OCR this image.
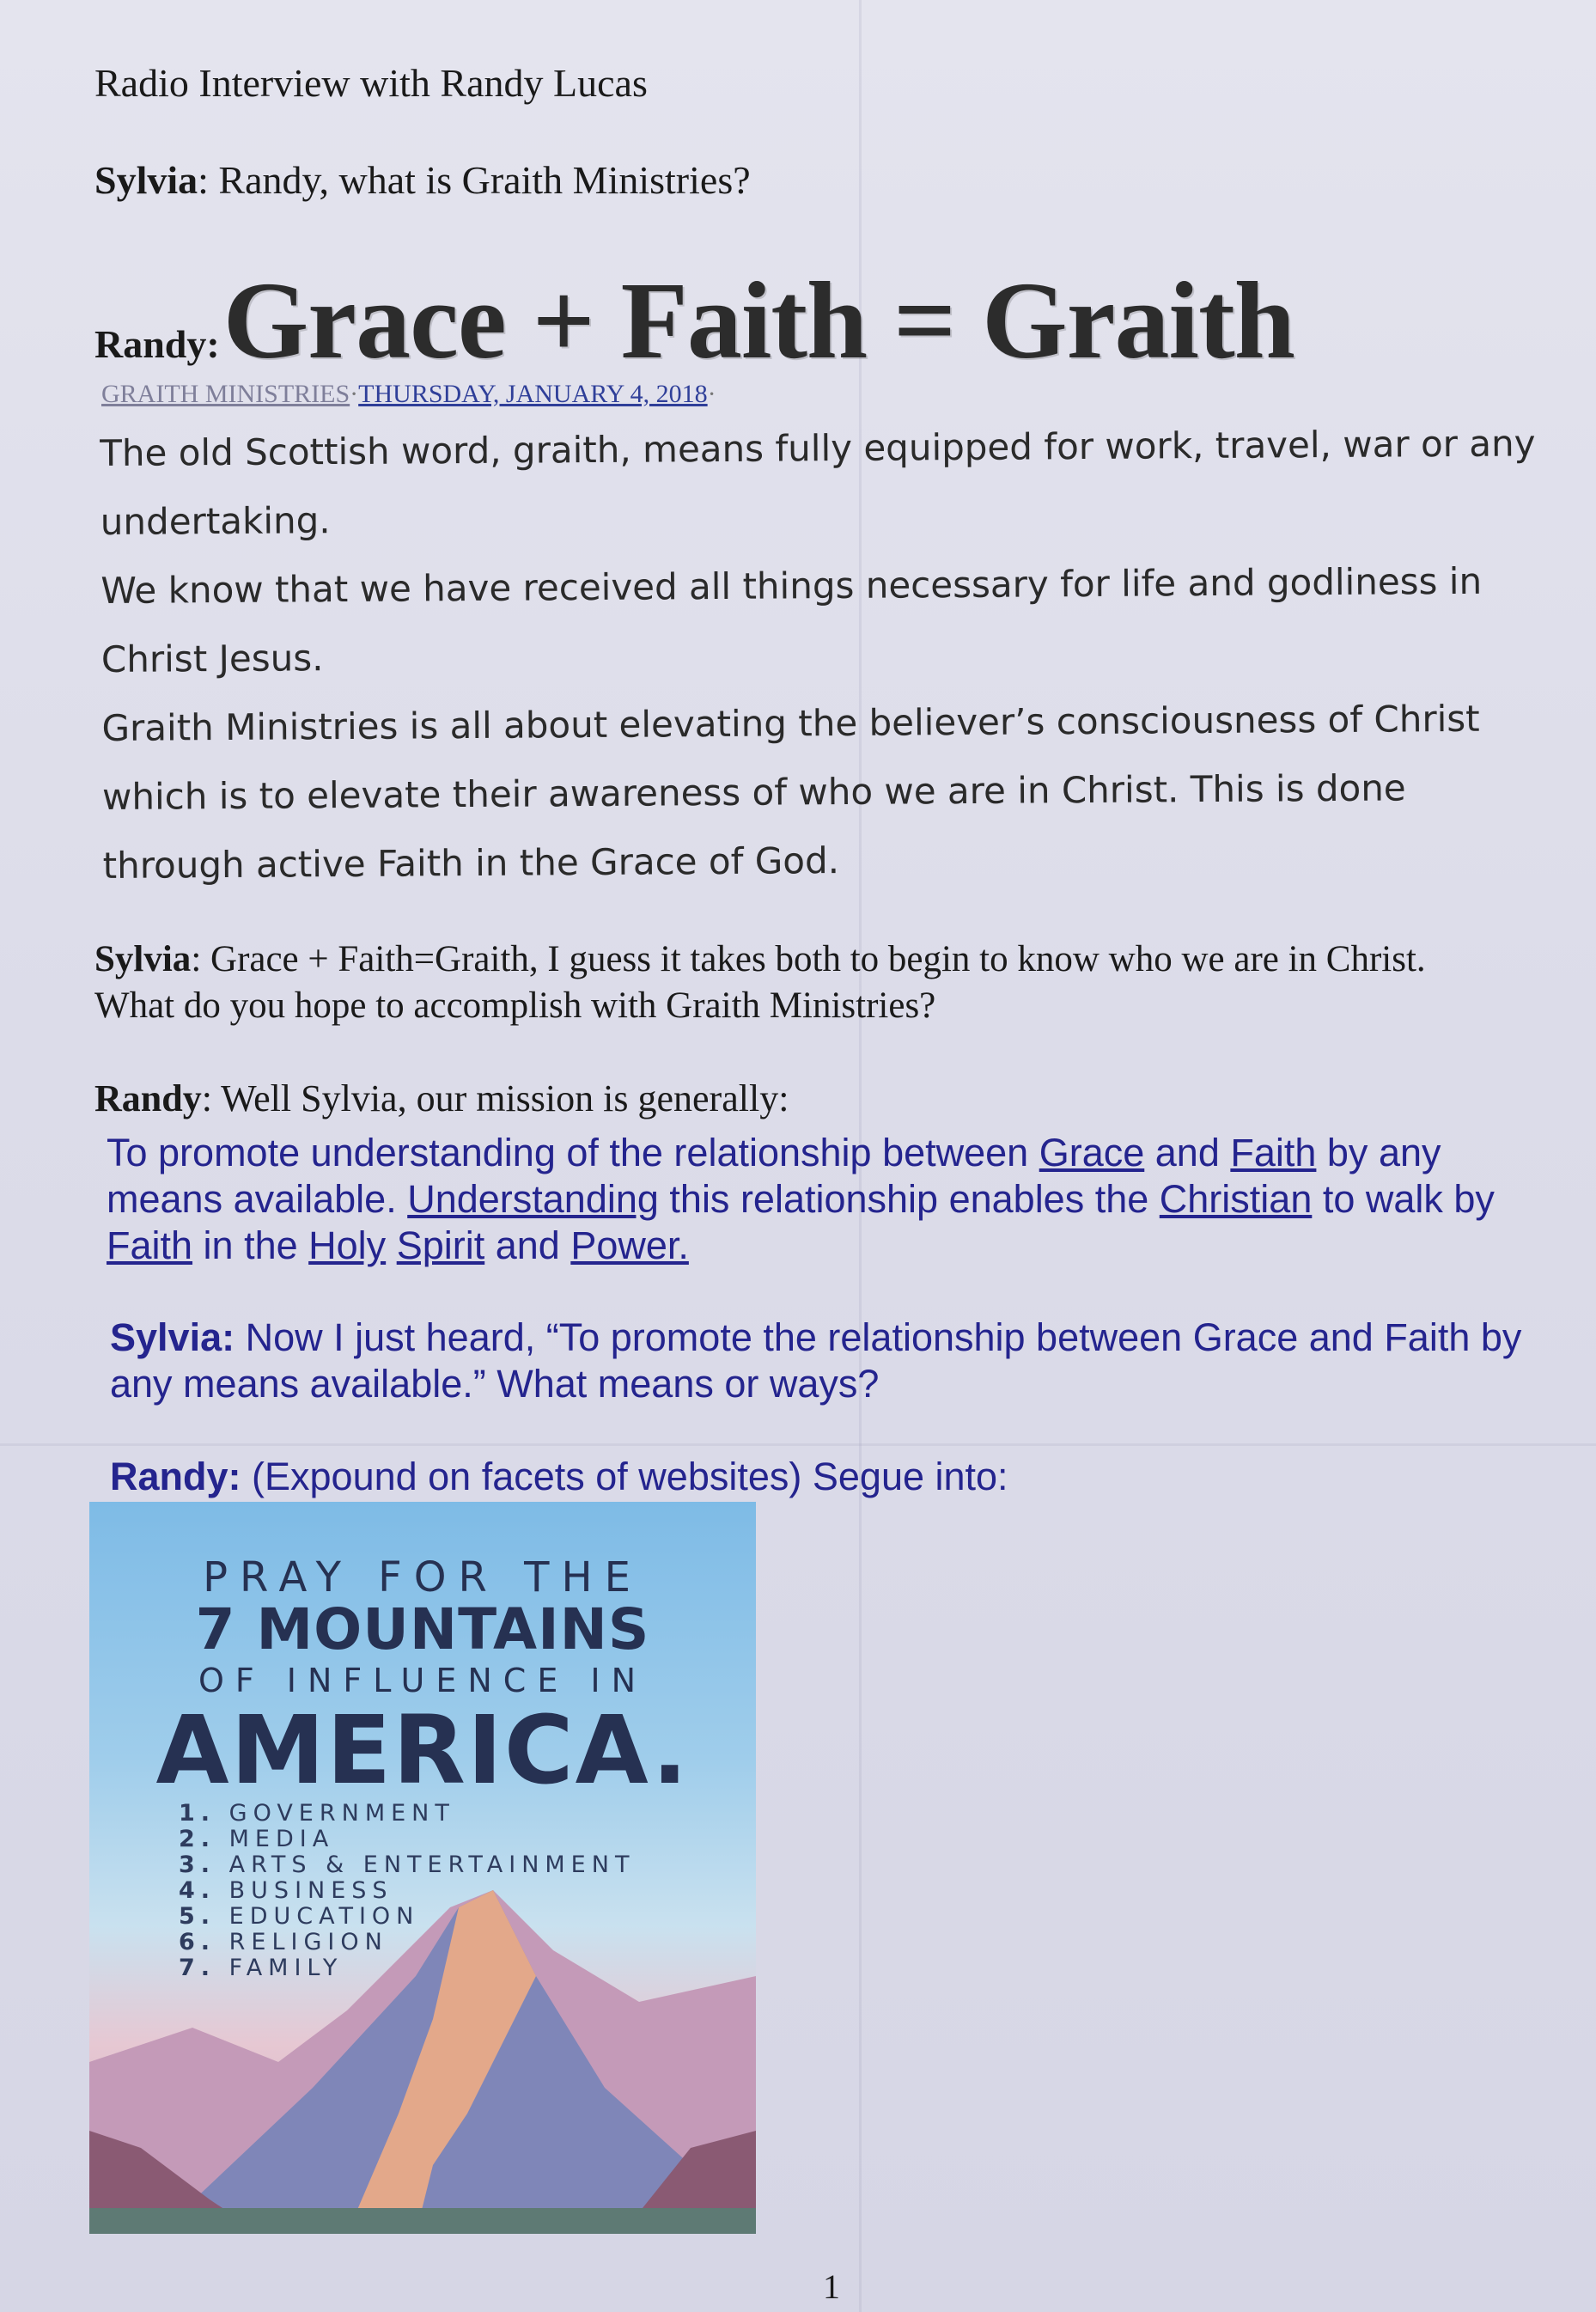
Radio Interview with Randy Lucas
Sylvia: Randy, what is Graith Ministries?
Randy: Grace + Faith = Graith
GRAITH MINISTRIES·THURSDAY, JANUARY 4, 2018·

The old Scottish word, graith, means fully equipped for work, travel, war or any undertaking.

We know that we have received all things necessary for life and godliness in Christ Jesus.

Graith Ministries is all about elevating the believer’s consciousness of Christ which is to elevate their awareness of who we are in Christ. This is done through active Faith in the Grace of God.

Sylvia: Grace + Faith=Graith, I guess it takes both to begin to know who we are in Christ. What do you hope to accomplish with Graith Ministries?
Randy: Well Sylvia, our mission is generally:
To promote understanding of the relationship between Grace and Faith by any means available. Understanding this relationship enables the Christian to walk by Faith in the Holy Spirit and Power.
Sylvia: Now I just heard, “To promote the relationship between Grace and Faith by any means available.” What means or ways?
Randy: (Expound on facets of websites) Segue into:
PRAY FOR THE
7 MOUNTAINS
OF INFLUENCE IN
AMERICA.
1. GOVERNMENT
2. MEDIA
3. ARTS & ENTERTAINMENT
4. BUSINESS
5. EDUCATION
6. RELIGION
7. FAMILY
1
